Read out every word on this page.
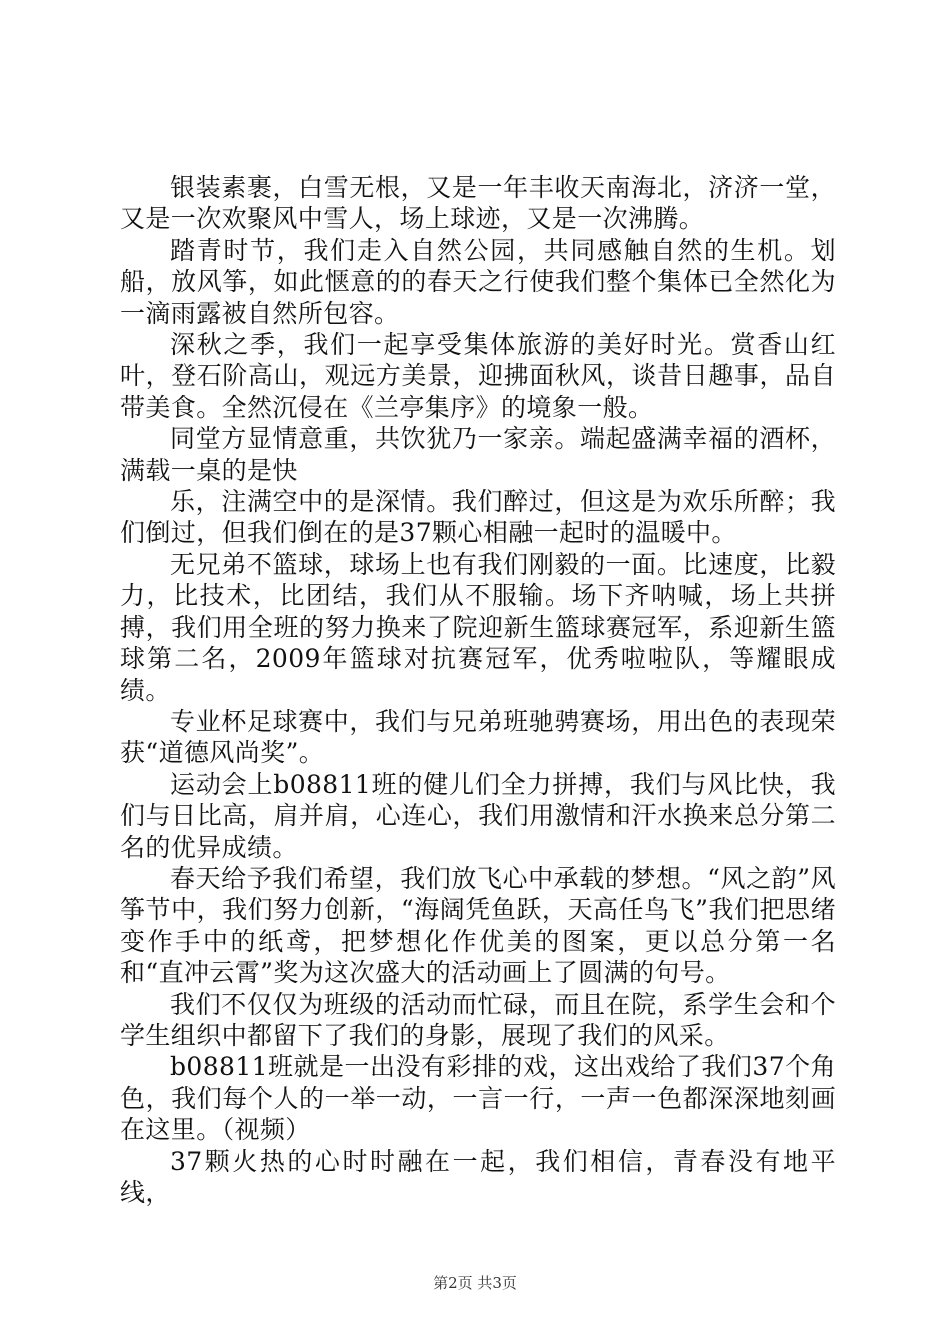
银装素裹，白雪无根，又是一年丰收天南海北，济济一堂，又是一次欢聚风中雪人，场上球迹，又是一次沸腾。

踏青时节，我们走入自然公园，共同感触自然的生机。划船，放风筝，如此惬意的的春天之行使我们整个集体已全然化为一滴雨露被自然所包容。

深秋之季，我们一起享受集体旅游的美好时光。赏香山红叶，登石阶高山，观远方美景，迎拂面秋风，谈昔日趣事，品自带美食。全然沉侵在《兰亭集序》的境象一般。

同堂方显情意重，共饮犹乃一家亲。端起盛满幸福的酒杯，满载一桌的是快

乐，注满空中的是深情。我们醉过，但这是为欢乐所醉；我们倒过，但我们倒在的是37颗心相融一起时的温暖中。

无兄弟不篮球，球场上也有我们刚毅的一面。比速度，比毅力，比技术，比团结，我们从不服输。场下齐呐喊，场上共拼搏，我们用全班的努力换来了院迎新生篮球赛冠军，系迎新生篮球第二名，2009年篮球对抗赛冠军，优秀啦啦队，等耀眼成绩。

专业杯足球赛中，我们与兄弟班驰骋赛场，用出色的表现荣获“道德风尚奖”。

运动会上b08811班的健儿们全力拼搏，我们与风比快，我们与日比高，肩并肩，心连心，我们用激情和汗水换来总分第二名的优异成绩。

春天给予我们希望，我们放飞心中承载的梦想。“风之韵”风筝节中，我们努力创新，“海阔凭鱼跃，天高任鸟飞”我们把思绪变作手中的纸鸢，把梦想化作优美的图案，更以总分第一名和“直冲云霄”奖为这次盛大的活动画上了圆满的句号。

我们不仅仅为班级的活动而忙碌，而且在院，系学生会和个学生组织中都留下了我们的身影，展现了我们的风采。

b08811班就是一出没有彩排的戏，这出戏给了我们37个角色，我们每个人的一举一动，一言一行，一声一色都深深地刻画在这里。（视频）

37颗火热的心时时融在一起，我们相信，青春没有地平线，

第2页 共3页
